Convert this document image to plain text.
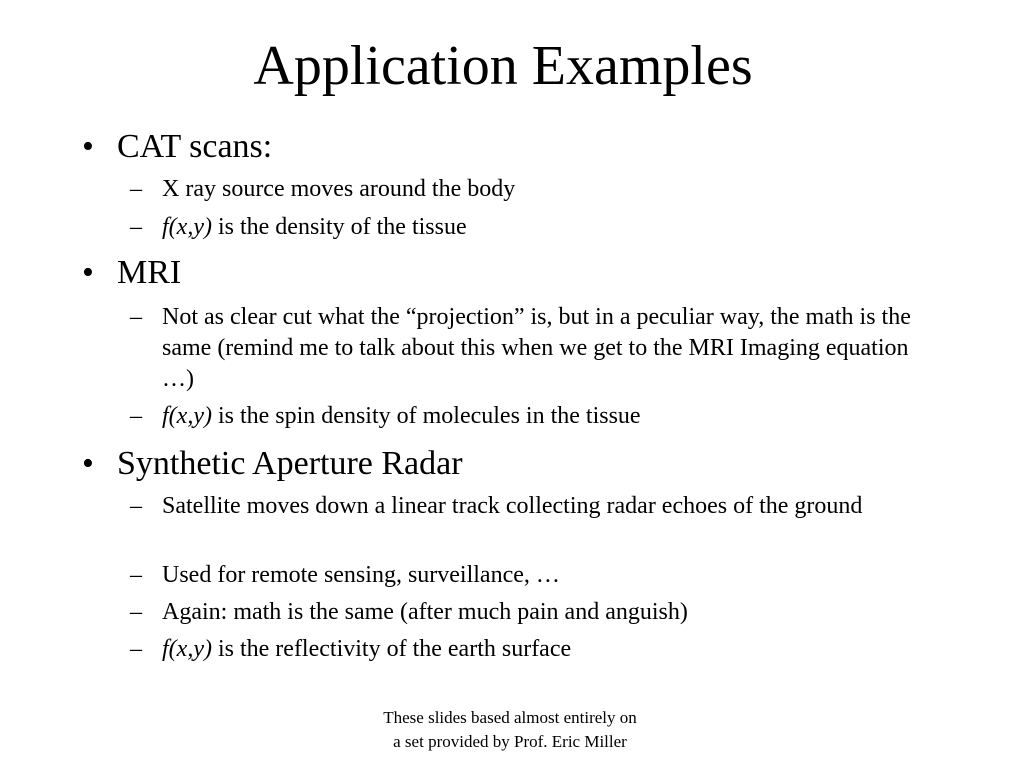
Application Examples
• CAT scans:
– X ray source moves around the body
– f(x,y) is the density of the tissue
• MRI
– Not as clear cut what the “projection” is, but in a peculiar way, the math is the same (remind me to talk about this when we get to the MRI Imaging equation …)
– f(x,y) is the spin density of molecules in the tissue
• Synthetic Aperture Radar
– Satellite moves down a linear track collecting radar echoes of the ground
– Used for remote sensing, surveillance, …
– Again: math is the same (after much pain and anguish)
– f(x,y) is the reflectivity of the earth surface
These slides based almost entirely on
a set provided by Prof. Eric Miller
